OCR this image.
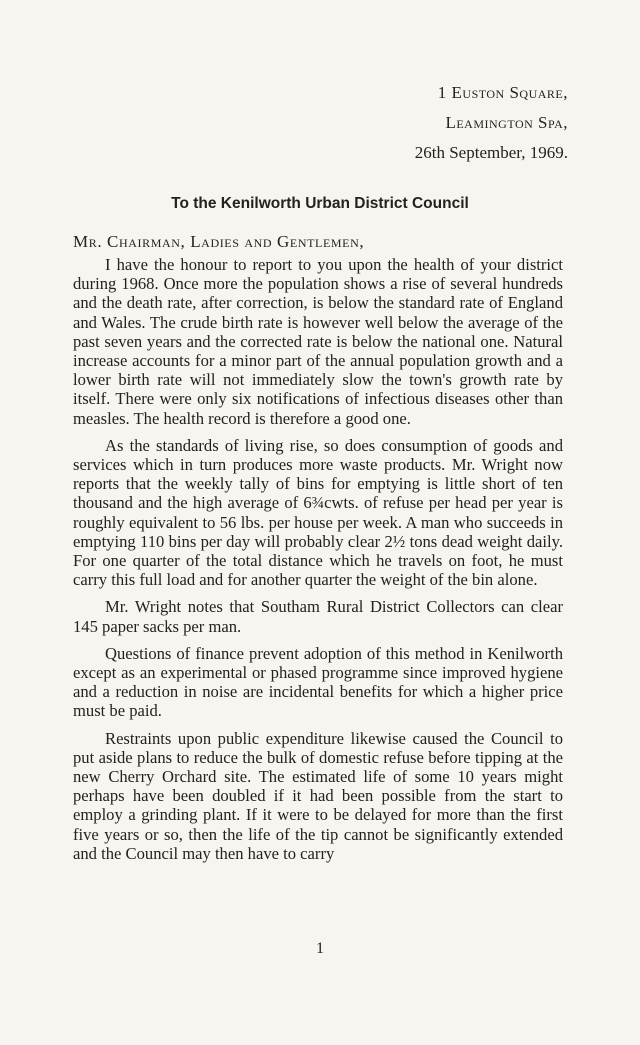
1 Euston Square,
Leamington Spa,
26th September, 1969.
To the Kenilworth Urban District Council
Mr. Chairman, Ladies and Gentlemen,

I have the honour to report to you upon the health of your district during 1968. Once more the population shows a rise of several hundreds and the death rate, after correction, is below the standard rate of England and Wales. The crude birth rate is however well below the average of the past seven years and the corrected rate is below the national one. Natural increase accounts for a minor part of the annual population growth and a lower birth rate will not immediately slow the town's growth rate by itself. There were only six notifications of infectious diseases other than measles. The health record is therefore a good one.

As the standards of living rise, so does consumption of goods and services which in turn produces more waste products. Mr. Wright now reports that the weekly tally of bins for emptying is little short of ten thousand and the high average of 6¾cwts. of refuse per head per year is roughly equivalent to 56 lbs. per house per week. A man who succeeds in emptying 110 bins per day will probably clear 2½ tons dead weight daily. For one quarter of the total distance which he travels on foot, he must carry this full load and for another quarter the weight of the bin alone.

Mr. Wright notes that Southam Rural District Collectors can clear 145 paper sacks per man.

Questions of finance prevent adoption of this method in Kenilworth except as an experimental or phased programme since improved hygiene and a reduction in noise are incidental benefits for which a higher price must be paid.

Restraints upon public expenditure likewise caused the Council to put aside plans to reduce the bulk of domestic refuse before tipping at the new Cherry Orchard site. The estimated life of some 10 years might perhaps have been doubled if it had been possible from the start to employ a grinding plant. If it were to be delayed for more than the first five years or so, then the life of the tip cannot be significantly extended and the Council may then have to carry

1
